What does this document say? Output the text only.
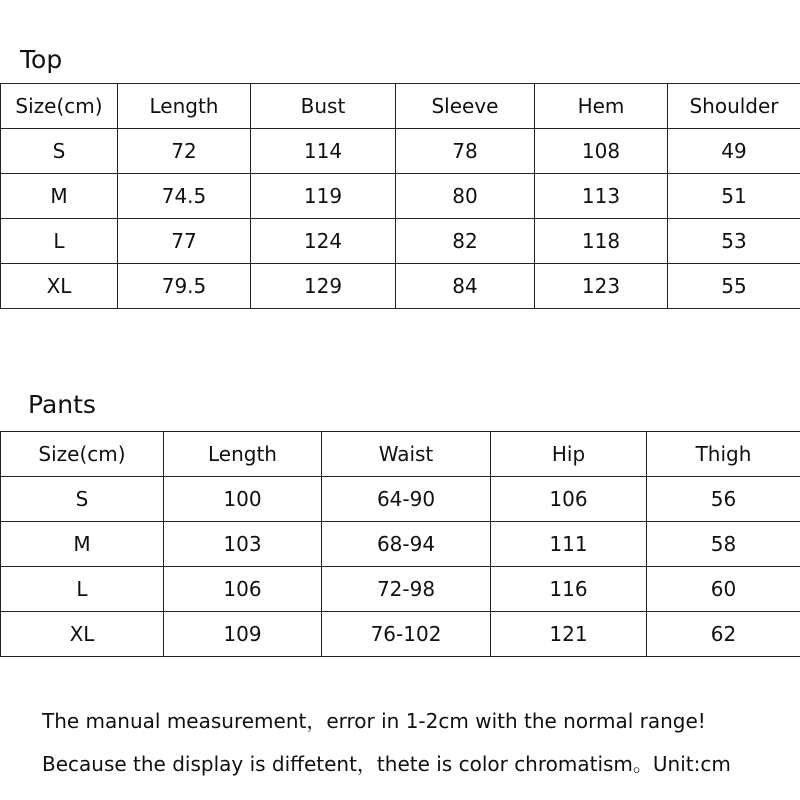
Top
Size(cm)	Length	Bust	Sleeve	Hem	Shoulder
S	72	114	78	108	49
M	74.5	119	80	113	51
L	77	124	82	118	53
XL	79.5	129	84	123	55
Pants
Size(cm)	Length	Waist	Hip	Thigh
S	100	64-90	106	56
M	103	68-94	111	58
L	106	72-98	116	60
XL	109	76-102	121	62

The manual measurement，error in 1-2cm with the normal range!

Because the display is diffetent，thete is color chromatism。Unit:cm
